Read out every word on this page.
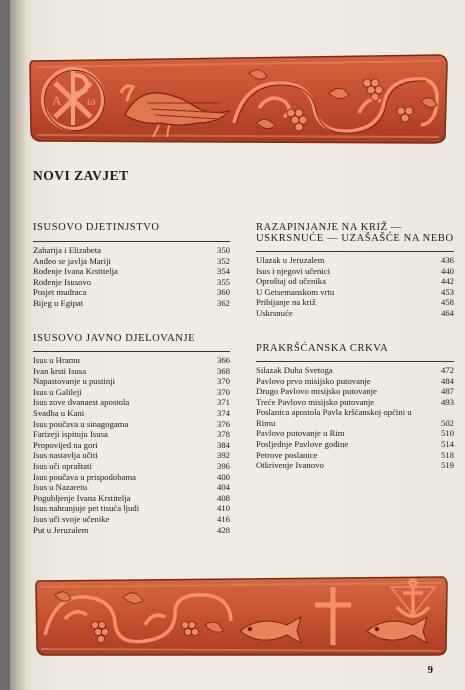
A ω
NOVI ZAVJET
ISUSOVO DJETINJSTVO
Zaharija i Elizabeta	350
Anđeo se javlja Mariji	352
Rođenje Ivana Krstitelja	354
Rođenje Isusovo	355
Posjet mudraca	360
Bijeg u Egipat	362
ISUSOVO JAVNO DJELOVANJE
Isus u Hramu	366
Ivan krsti Isusa	368
Napastovanje u pustinji	370
Isus u Galileji	370
Isus zove dvanaest apostola	371
Svadba u Kani	374
Isus poučava u sinagogama	376
Farizeji ispituju Isusa	378
Propovijed na gori	384
Isus nastavlja učiti	392
Isus uči opraštati	396
Isus poučava u prispodobama	400
Isus u Nazaretu	404
Pogubljenje Ivana Krstitelja	408
Isus nahranjuje pet tisuća ljudi	410
Isus uči svoje učenike	416
Put u Jeruzalem	428
RAZAPINJANJE NA KRIŽ —
USKRSNUĆE — UZAŠAŠĆE NA NEBO
Ulazak u Jeruzalem	436
Isus i njegovi učenici	440
Oproštaj od učenika	442
U Getsemanskom vrtu	453
Pribijanje na križ	458
Uskrsnuće	464
PRAKRŠĆANSKA CRKVA
Silazak Duha Svetoga	472
Pavlovo prvo misijsko putovanje	484
Drugo Pavlovo misijsko putovanje	487
Treće Pavlovo misijsko putovanje	493
Poslanica apostola Pavla kršćanskoj općini u Rimu	502
Pavlovo putovanje u Rim	510
Posljednje Pavlove godine	514
Petrove poslanice	518
Otkrivenje Ivanovo	519
9
